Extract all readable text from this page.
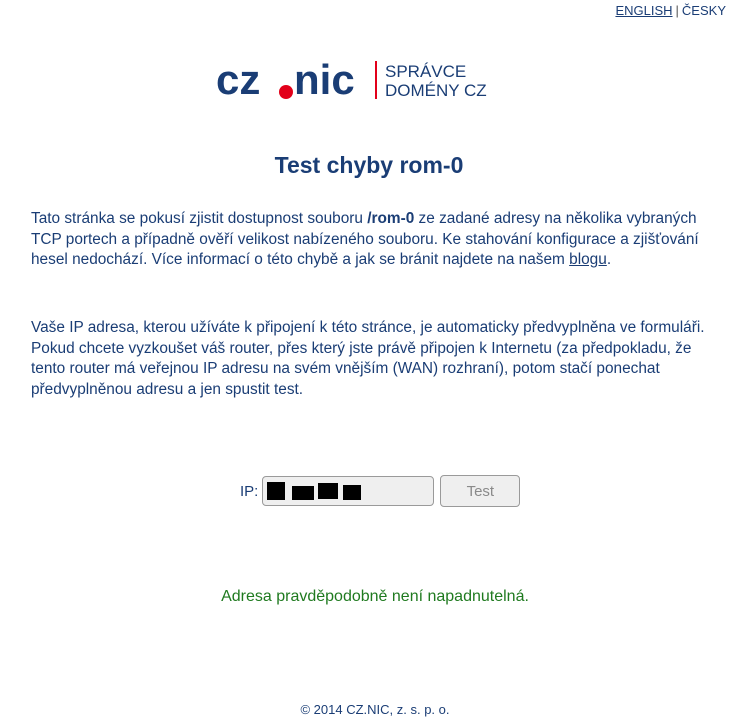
ENGLISH | ČESKY
cz nic SPRÁVCE
DOMÉNY CZ
Test chyby rom-0

Tato stránka se pokusí zjistit dostupnost souboru /rom-0 ze zadané adresy na několika vybraných TCP portech a případně ověří velikost nabízeného souboru. Ke stahování konfigurace a zjišťování hesel nedochází. Více informací o této chybě a jak se bránit najdete na našem blogu.

Vaše IP adresa, kterou užíváte k připojení k této stránce, je automaticky předvyplněna ve formuláři. Pokud chcete vyzkoušet váš router, přes který jste právě připojen k Internetu (za předpokladu, že tento router má veřejnou IP adresu na svém vnějším (WAN) rozhraní), potom stačí ponechat předvyplněnou adresu a jen spustit test.

IP:	Test
Adresa pravděpodobně není napadnutelná.
© 2014 CZ.NIC, z. s. p. o.
